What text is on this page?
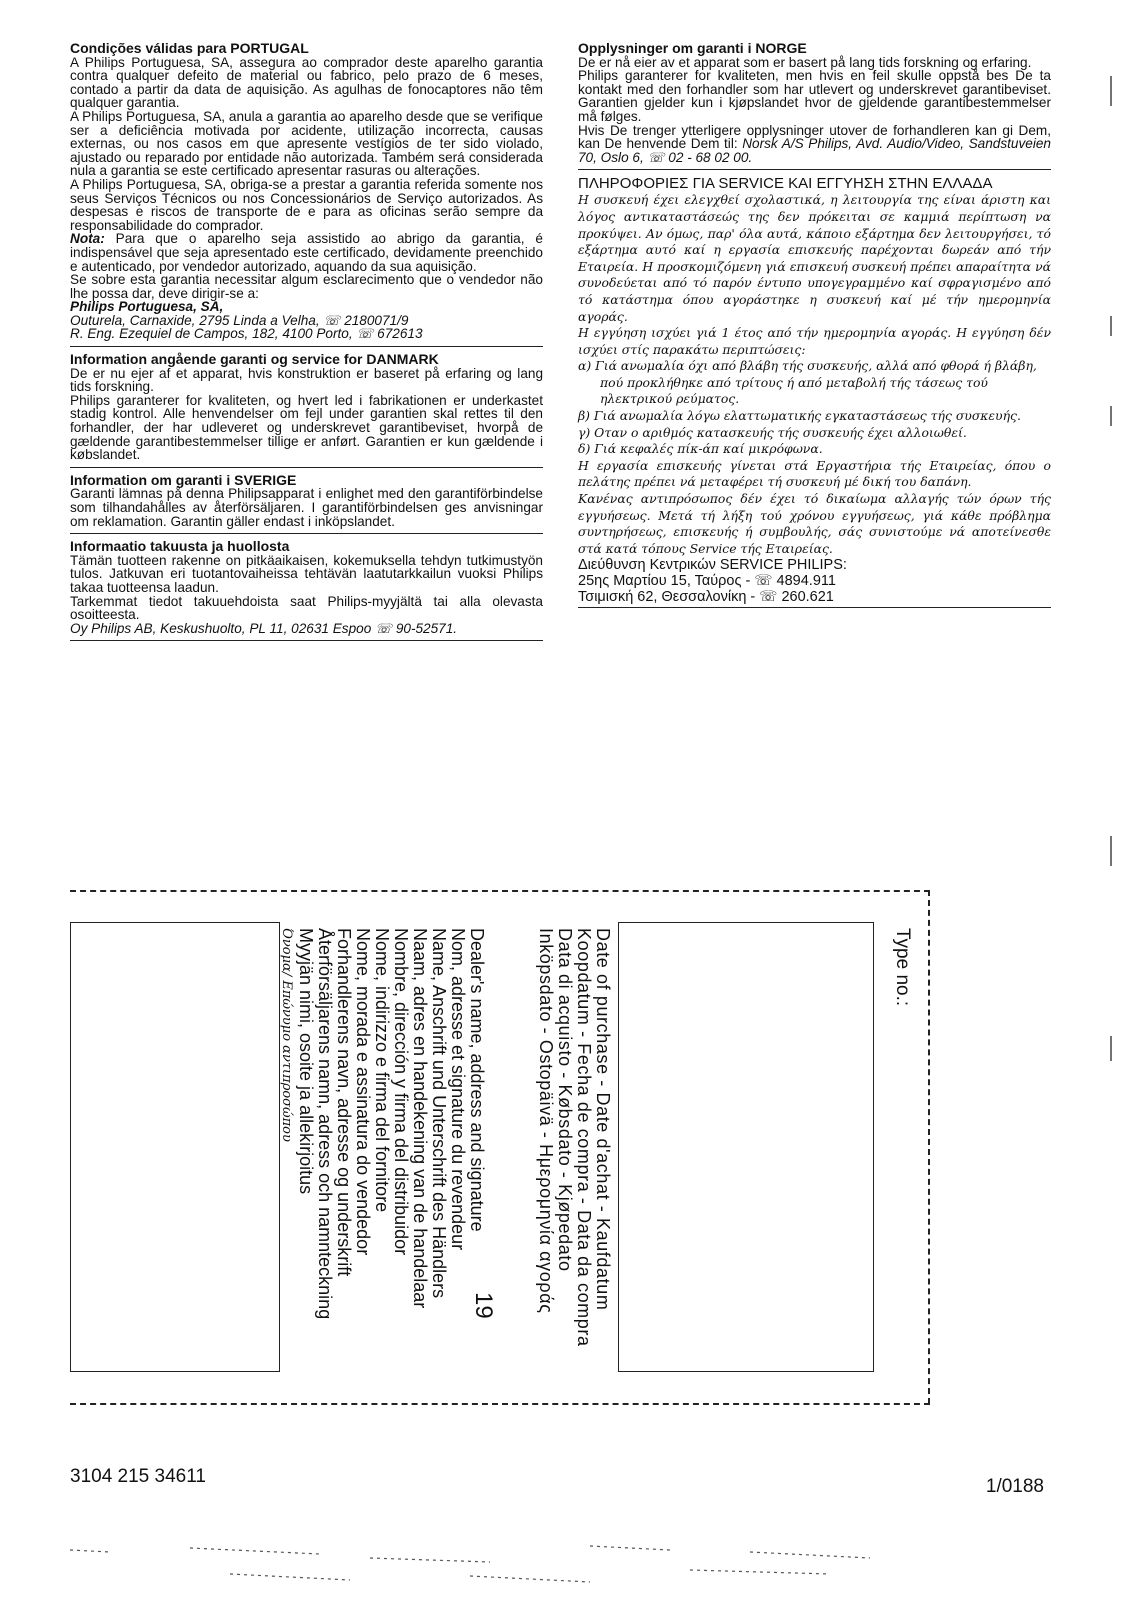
Condições válidas para PORTUGAL

A Philips Portuguesa, SA, assegura ao comprador deste aparelho garantia contra qualquer defeito de material ou fabrico, pelo prazo de 6 meses, contado a partir da data de aquisição. As agulhas de fonocaptores não têm qualquer garantia.

A Philips Portuguesa, SA, anula a garantia ao aparelho desde que se verifique ser a deficiência motivada por acidente, utilização incorrecta, causas externas, ou nos casos em que apresente vestígios de ter sido violado, ajustado ou reparado por entidade não autorizada. Também será considerada nula a garantia se este certificado apresentar rasuras ou alterações.

A Philips Portuguesa, SA, obriga-se a prestar a garantia referida somente nos seus Serviços Técnicos ou nos Concessionários de Serviço autorizados. As despesas e riscos de transporte de e para as oficinas serão sempre da responsabilidade do comprador.

Nota: Para que o aparelho seja assistido ao abrigo da garantia, é indispensável que seja apresentado este certificado, devidamente preenchido e autenticado, por vendedor autorizado, aquando da sua aquisição.

Se sobre esta garantia necessitar algum esclarecimento que o vendedor não lhe possa dar, deve dirigir-se a:

Philips Portuguesa, SA,
Outurela, Carnaxide, 2795 Linda a Velha, ☏ 2180071/9
R. Eng. Ezequiel de Campos, 182, 4100 Porto, ☏ 672613
Information angående garanti og service for DANMARK

De er nu ejer af et apparat, hvis konstruktion er baseret på erfaring og lang tids forskning.

Philips garanterer for kvaliteten, og hvert led i fabrikationen er underkastet stadig kontrol. Alle henvendelser om fejl under garantien skal rettes til den forhandler, der har udleveret og underskrevet garantibeviset, hvorpå de gældende garantibestemmelser tillige er anført. Garantien er kun gældende i købslandet.

Information om garanti i SVERIGE

Garanti lämnas på denna Philipsapparat i enlighet med den garantiförbindelse som tilhandahålles av återförsäljaren. I garantiförbindelsen ges anvisningar om reklamation. Garantin gäller endast i inköpslandet.

Informaatio takuusta ja huollosta

Tämän tuotteen rakenne on pitkäaikaisen, kokemuksella tehdyn tutkimustyön tulos. Jatkuvan eri tuotantovaiheissa tehtävän laatutarkkailun vuoksi Philips takaa tuotteensa laadun.

Tarkemmat tiedot takuuehdoista saat Philips-myyjältä tai alla olevasta osoitteesta.

Oy Philips AB, Keskushuolto, PL 11, 02631 Espoo ☏ 90-52571.
Opplysninger om garanti i NORGE

De er nå eier av et apparat som er basert på lang tids forskning og erfaring.

Philips garanterer for kvaliteten, men hvis en feil skulle oppstå bes De ta kontakt med den forhandler som har utlevert og underskrevet garantibeviset. Garantien gjelder kun i kjøpslandet hvor de gjeldende garantibestemmelser må følges.

Hvis De trenger ytterligere opplysninger utover de forhandleren kan gi Dem, kan De henvende Dem til: Norsk A/S Philips, Avd. Audio/Video, Sandstuveien 70, Oslo 6, ☏ 02 - 68 02 00.

ΠΛΗΡΟΦΟΡΙΕΣ ΓΙΑ SERVICE ΚΑΙ ΕΓΓΥΗΣΗ ΣΤΗΝ ΕΛΛΑΔΑ

Η συσκευή έχει ελεγχθεί σχολαστικά, η λειτουργία της είναι άριστη και λόγος αντικαταστάσεώς της δεν πρόκειται σε καμμιά περίπτωση να προκύψει. Αν όμως, παρ' όλα αυτά, κάποιο εξάρτημα δεν λειτουργήσει, τό εξάρτημα αυτό καί η εργασία επισκευής παρέχονται δωρεάν από τήν Εταιρεία. Η προσκομιζόμενη γιά επισκευή συσκευή πρέπει απαραίτητα νά συνοδεύεται από τό παρόν έντυπο υπογεγραμμένο καί σφραγισμένο από τό κατάστημα όπου αγοράστηκε η συσκευή καί μέ τήν ημερομηνία αγοράς.

Η εγγύηση ισχύει γιά 1 έτος από τήν ημερομηνία αγοράς. Η εγγύηση δέν ισχύει στίς παρακάτω περιπτώσεις:

α) Γιά ανωμαλία όχι από βλάβη τής συσκευής, αλλά από φθορά ή βλάβη, πού προκλήθηκε από τρίτους ή από μεταβολή τής τάσεως τού ηλεκτρικού ρεύματος.

β) Γιά ανωμαλία λόγω ελαττωματικής εγκαταστάσεως τής συσκευής.

γ) Οταν ο αριθμός κατασκευής τής συσκευής έχει αλλοιωθεί.

δ) Γιά κεφαλές πίκ-άπ καί μικρόφωνα.

Η εργασία επισκευής γίνεται στά Εργαστήρια τής Εταιρείας, όπου ο πελάτης πρέπει νά μεταφέρει τή συσκευή μέ δική του δαπάνη.

Κανένας αντιπρόσωπος δέν έχει τό δικαίωμα αλλαγής τών όρων τής εγγυήσεως. Μετά τή λήξη τού χρόνου εγγυήσεως, γιά κάθε πρόβλημα συντηρήσεως, επισκευής ή συμβουλής, σάς συνιστούμε νά αποτείνεσθε στά κατά τόπους Service τής Εταιρείας.

Διεύθυνση Κεντρικών SERVICE PHILIPS:
25ης Μαρτίου 15, Ταύρος - ☏ 4894.911
Τσιμισκή 62, Θεσσαλονίκη - ☏ 260.621
Dealer's name, address and signature
Nom, adresse et signature du revendeur
Name, Anschrift und Unterschrift des Händlers
Naam, adres en handekening van de handelaar
Nombre, dirección y firma del distribuidor
Nome, indirizzo e firma del fornitore
Nome, morada e assinatura do vendedor
Forhandlerens navn, adresse og underskrift
Återförsäljarens namn, adress och namnteckning
Myyjän nimi, osoite ja allekirjoitus
Όνομα/ Επώνυμο αντιπροσώπου
19	Date of purchase - Date d'achat - Kaufdatum
Koopdatum - Fecha de compra - Data da compra
Data di acquisto - Købsdato - Kjøpedato
Inköpsdato - Ostopäivä - Ημερομηνία αγοράς	Type no.:
3104 215 34611	1/0188
